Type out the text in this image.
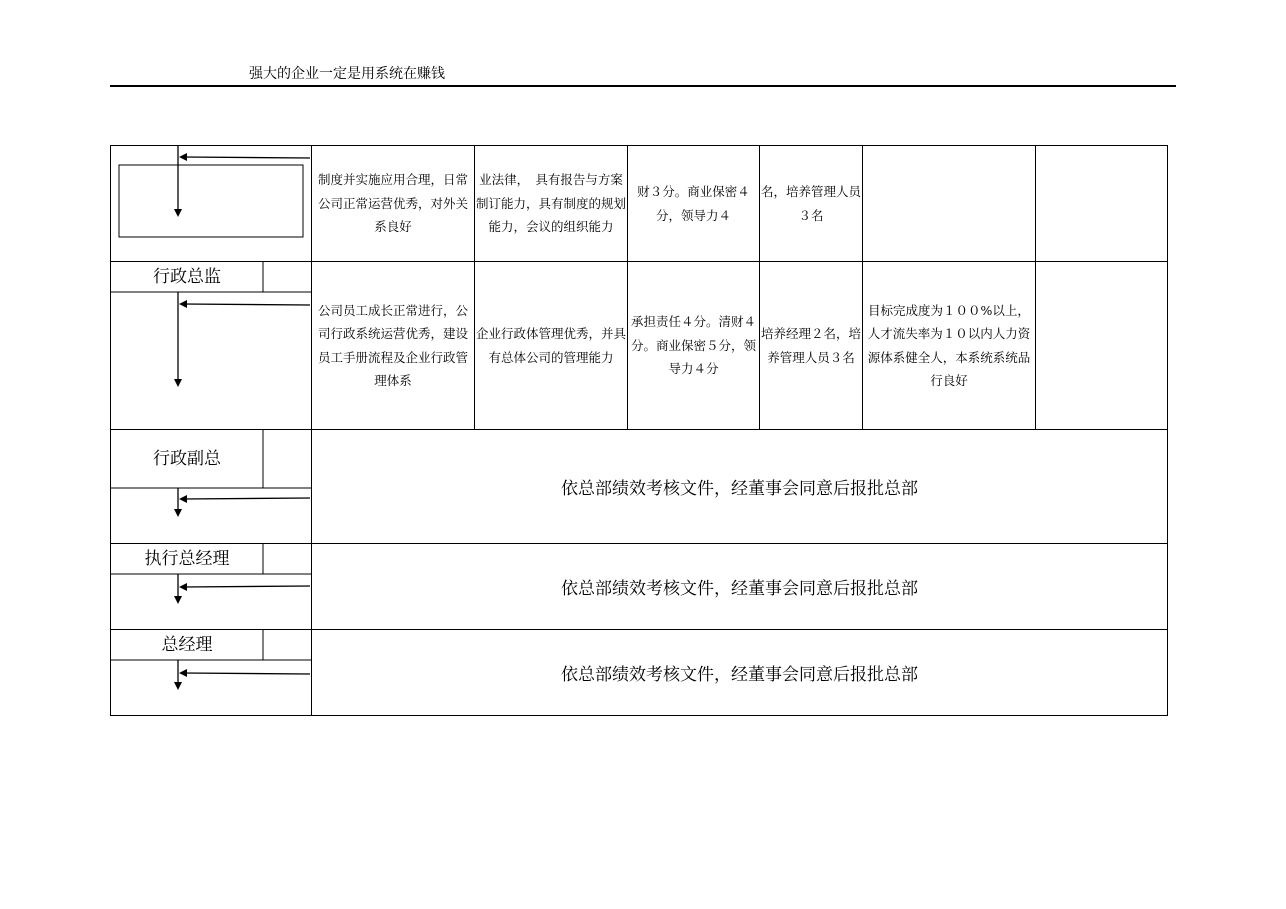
强大的企业一定是用系统在赚钱
	制度并实施应用合理，日常公司正常运营优秀，对外关系良好	业法律，　具有报告与方案制订能力，具有制度的规划能力，会议的组织能力	财３分。商业保密４分，领导力４	名，培养管理人员３名		

行政总监	公司员工成长正常进行，公司行政系统运营优秀，建设员工手册流程及企业行政管理体系	企业行政体管理优秀，并具有总体公司的管理能力	承担责任４分。清财４分。商业保密５分，领导力４分	培养经理２名，培养管理人员３名	目标完成度为１００%以上，人才流失率为１０以内人力资源体系健全人，本系统系统品行良好	

行政副总	依总部绩效考核文件，经董事会同意后报批总部					

执行总经理	依总部绩效考核文件，经董事会同意后报批总部					

总经理	依总部绩效考核文件，经董事会同意后报批总部					
